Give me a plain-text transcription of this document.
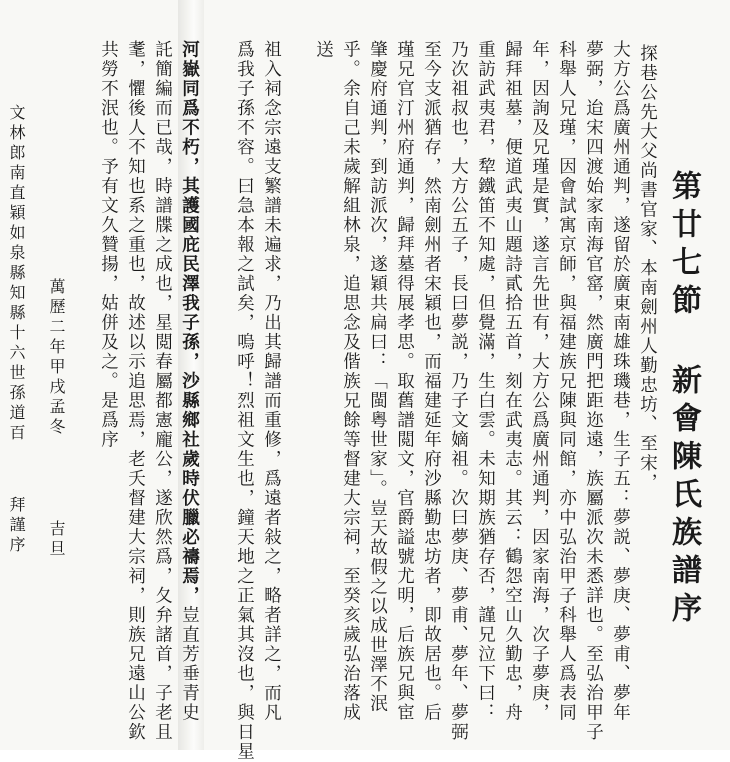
第廿七節新會陳氏族譜序
探巷公先大父尚書官家、本南劍州人勤忠坊、至宋，
大方公爲廣州通判，遂留於廣東南雄珠璣巷，生子五：夢説、夢庚、夢甫、夢年
夢弼，迨宋四渡始家南海官窰，然廣門把距迩遠，族屬派次未悉詳也。至弘治甲子
科舉人兄瑾，因會試寓京師，與福建族兄陳與同館，亦中弘治甲子科舉人爲表同
年，因詢及兄瑾是實，遂言先世有，大方公爲廣州通判，因家南海，次子夢庚，
歸拜祖墓，便道武夷山題詩貳拾五首，刻在武夷志。其云：鶴怨空山久勤忠，舟
重訪武夷君，犂鐵笛不知處，但覺滿，生白雲。未知期族猶存否，謹兄泣下曰：
乃次祖叔也，大方公五子，長曰夢説，乃子文嫡祖。次曰夢庚、夢甫、夢年、夢弼
至今支派猶存，然南劍州者宋穎也，而福建延年府沙縣勤忠坊者，即故居也。后
瑾兄官汀州府通判，歸拜墓得展孝思。取舊譜閲文，官爵謚號尤明，后族兄與宦
肇慶府通判，到訪派次，遂穎共扁曰：「閩粤世家」。豈天故假之以成世澤不泯
乎。余自己未歲解組林泉，追思念及偕族兄餘等督建大宗祠，至癸亥歲弘治落成
送
祖入祠念宗遠支繁譜未遍求，乃出其歸譜而重修，爲遠者敍之，略者詳之，而凡
爲我子孫不容。曰急本報之試矣，嗚呼！烈祖文生也，鐘天地之正氣其沒也，與日星
河嶽同爲不朽，其護國庇民澤我子孫，沙縣鄉社歲時伏臘必禱焉，豈直芳垂青史
託簡編而已哉，時譜牒之成也，星閲春屬都憲龐公，遂欣然爲，夂弁諸首，子老且
耄，懼後人不知也系之重也，故述以示追思焉，老夭督建大宗祠，則族兄遠山公欽
共勞不泯也。予有文久贊揚，姑併及之。是爲序
萬歷二年甲戌孟冬
吉旦
文林郎南直穎如泉縣知縣十六世孫道百
拜謹序
